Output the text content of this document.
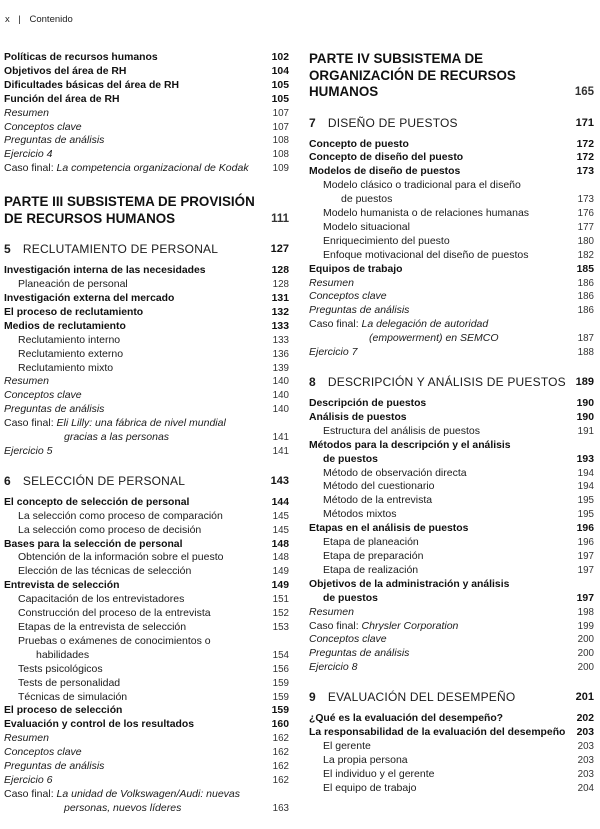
x | Contenido
Políticas de recursos humanos	102
Objetivos del área de RH	104
Dificultades básicas del área de RH	105
Función del área de RH	105
Resumen	107
Conceptos clave	107
Preguntas de análisis	108
Ejercicio 4	108
Caso final: La competencia organizacional de Kodak	109
PARTE III SUBSISTEMA DE PROVISIÓN
DE RECURSOS HUMANOS	111
5 RECLUTAMIENTO DE PERSONAL	127
Investigación interna de las necesidades	128
Planeación de personal	128
Investigación externa del mercado	131
El proceso de reclutamiento	132
Medios de reclutamiento	133
Reclutamiento interno	133
Reclutamiento externo	136
Reclutamiento mixto	139
Resumen	140
Conceptos clave	140
Preguntas de análisis	140
Caso final: Eli Lilly: una fábrica de nivel mundial
gracias a las personas	141
Ejercicio 5	141
6 SELECCIÓN DE PERSONAL	143
El concepto de selección de personal	144
La selección como proceso de comparación	145
La selección como proceso de decisión	145
Bases para la selección de personal	148
Obtención de la información sobre el puesto	148
Elección de las técnicas de selección	149
Entrevista de selección	149
Capacitación de los entrevistadores	151
Construcción del proceso de la entrevista	152
Etapas de la entrevista de selección	153
Pruebas o exámenes de conocimientos o
habilidades	154
Tests psicológicos	156
Tests de personalidad	159
Técnicas de simulación	159
El proceso de selección	159
Evaluación y control de los resultados	160
Resumen	162
Conceptos clave	162
Preguntas de análisis	162
Ejercicio 6	162
Caso final: La unidad de Volkswagen/Audi: nuevas
personas, nuevos líderes	163
PARTE IV SUBSISTEMA DE
ORGANIZACIÓN DE RECURSOS
HUMANOS	165
7 DISEÑO DE PUESTOS	171
Concepto de puesto	172
Concepto de diseño del puesto	172
Modelos de diseño de puestos	173
Modelo clásico o tradicional para el diseño
de puestos	173
Modelo humanista o de relaciones humanas	176
Modelo situacional	177
Enriquecimiento del puesto	180
Enfoque motivacional del diseño de puestos	182
Equipos de trabajo	185
Resumen	186
Conceptos clave	186
Preguntas de análisis	186
Caso final: La delegación de autoridad
(empowerment) en SEMCO	187
Ejercicio 7	188
8 DESCRIPCIÓN Y ANÁLISIS DE PUESTOS 189
Descripción de puestos	190
Análisis de puestos	190
Estructura del análisis de puestos	191
Métodos para la descripción y el análisis
de puestos	193
Método de observación directa	194
Método del cuestionario	194
Método de la entrevista	195
Métodos mixtos	195
Etapas en el análisis de puestos	196
Etapa de planeación	196
Etapa de preparación	197
Etapa de realización	197
Objetivos de la administración y análisis
de puestos	197
Resumen	198
Caso final: Chrysler Corporation	199
Conceptos clave	200
Preguntas de análisis	200
Ejercicio 8	200
9 EVALUACIÓN DEL DESEMPEÑO	201
¿Qué es la evaluación del desempeño?	202
La responsabilidad de la evaluación del desempeño	203
El gerente	203
La propia persona	203
El individuo y el gerente	203
El equipo de trabajo	204
